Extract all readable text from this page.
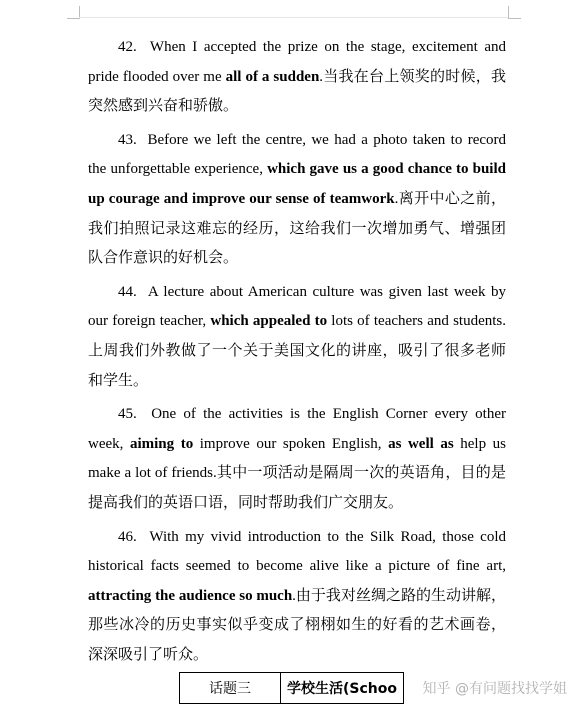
42. When I accepted the prize on the stage, excitement and pride flooded over me all of a sudden.当我在台上领奖的时候，我突然感到兴奋和骄傲。

43. Before we left the centre, we had a photo taken to record the unforgettable experience, which gave us a good chance to build up courage and improve our sense of teamwork.离开中心之前，我们拍照记录这难忘的经历，这给我们一次增加勇气、增强团队合作意识的好机会。

44. A lecture about American culture was given last week by our foreign teacher, which appealed to lots of teachers and students.上周我们外教做了一个关于美国文化的讲座，吸引了很多老师和学生。

45. One of the activities is the English Corner every other week, aiming to improve our spoken English, as well as help us make a lot of friends.其中一项活动是隔周一次的英语角，目的是提高我们的英语口语，同时帮助我们广交朋友。

46. With my vivid introduction to the Silk Road, those cold historical facts seemed to become alive like a picture of fine art, attracting the audience so much.由于我对丝绸之路的生动讲解，那些冰冷的历史事实似乎变成了栩栩如生的好看的艺术画卷，深深吸引了听众。

话题三	学校生活(Schoo 知乎 @有问题找找学姐
